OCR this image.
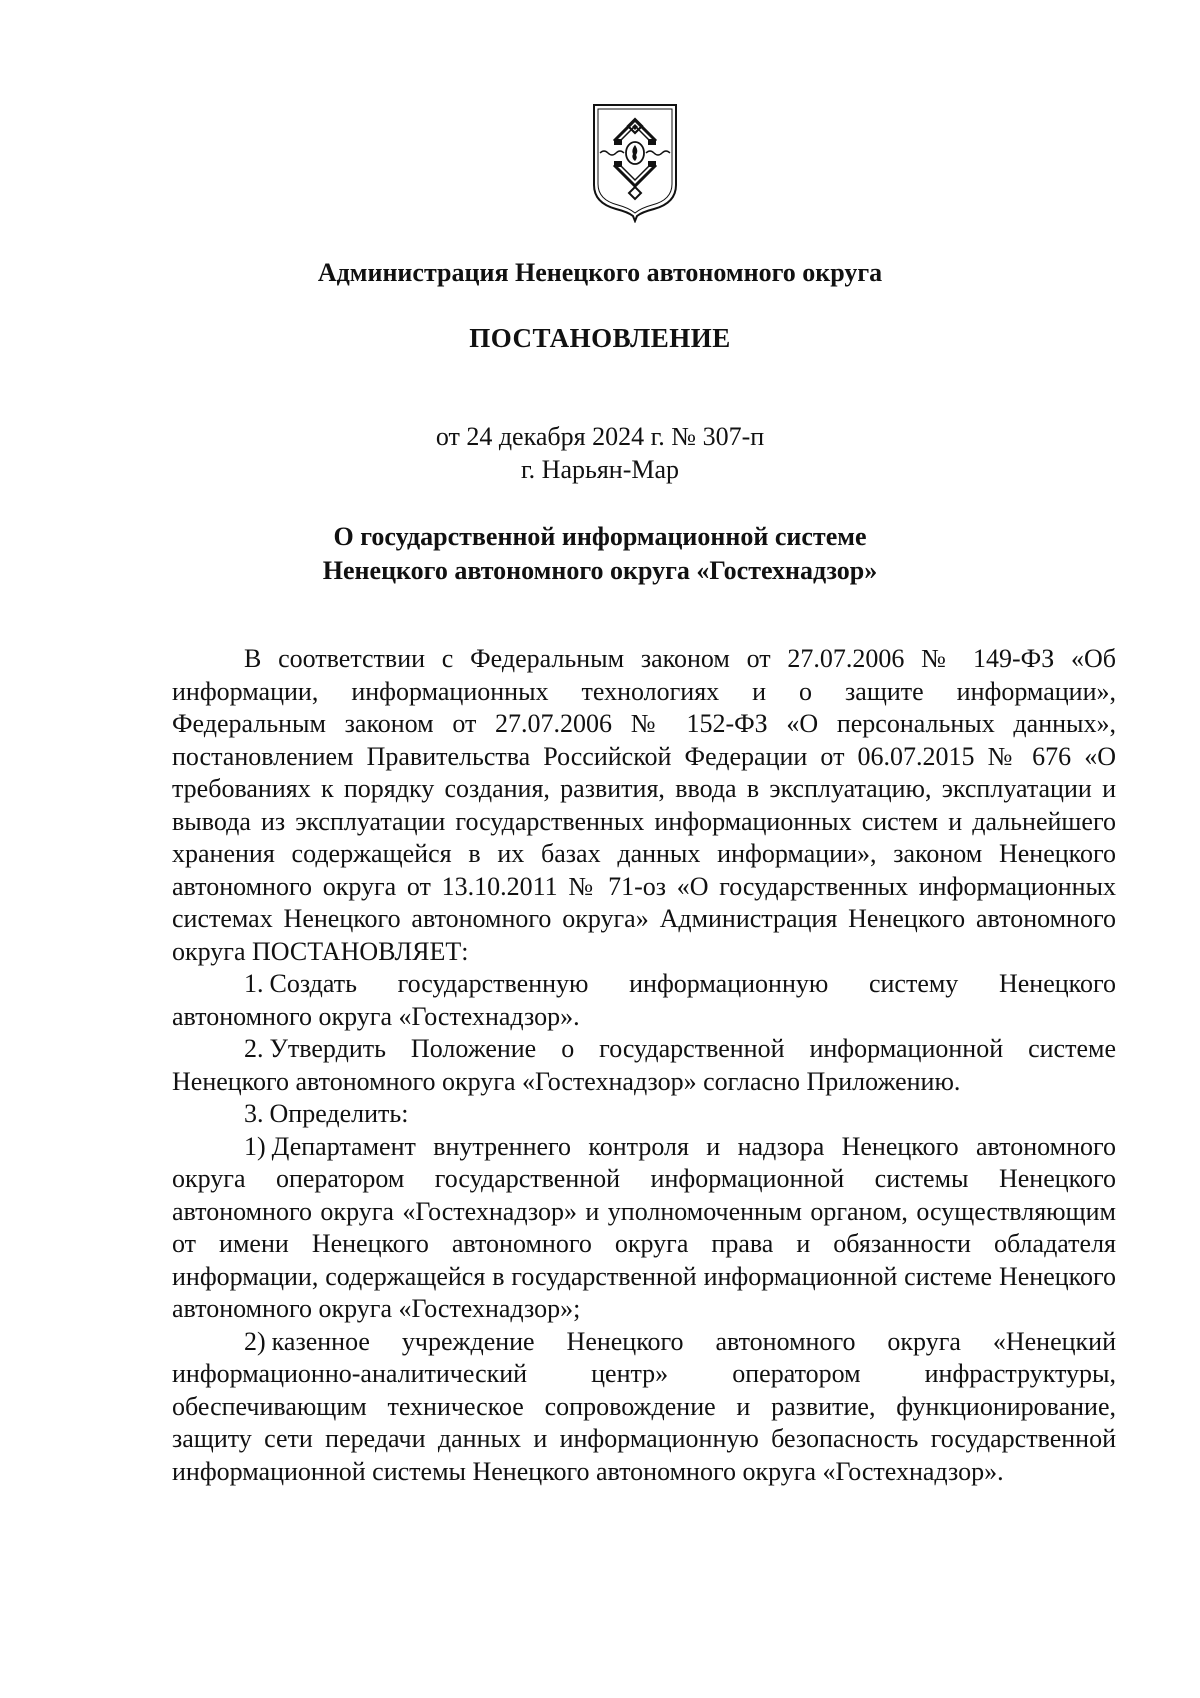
Администрация Ненецкого автономного округа
ПОСТАНОВЛЕНИЕ
от 24 декабря 2024 г. № 307-п
г. Нарьян-Мар
О государственной информационной системе
Ненецкого автономного округа «Гостехнадзор»

В соответствии с Федеральным законом от 27.07.2006 № 149-ФЗ «Об информации, информационных технологиях и о защите информации», Федеральным законом от 27.07.2006 № 152-ФЗ «О персональных данных», постановлением Правительства Российской Федерации от 06.07.2015 № 676 «О требованиях к порядку создания, развития, ввода в эксплуатацию, эксплуатации и вывода из эксплуатации государственных информационных систем и дальнейшего хранения содержащейся в их базах данных информации», законом Ненецкого автономного округа от 13.10.2011 № 71-оз «О государственных информационных системах Ненецкого автономного округа» Администрация Ненецкого автономного округа ПОСТАНОВЛЯЕТ:

1. Создать государственную информационную систему Ненецкого автономного округа «Гостехнадзор».

2. Утвердить Положение о государственной информационной системе Ненецкого автономного округа «Гостехнадзор» согласно Приложению.

3. Определить:

1) Департамент внутреннего контроля и надзора Ненецкого автономного округа оператором государственной информационной системы Ненецкого автономного округа «Гостехнадзор» и уполномоченным органом, осуществляющим от имени Ненецкого автономного округа права и обязанности обладателя информации, содержащейся в государственной информационной системе Ненецкого автономного округа «Гостехнадзор»;

2) казенное учреждение Ненецкого автономного округа «Ненецкий информационно-аналитический центр» оператором инфраструктуры, обеспечивающим техническое сопровождение и развитие, функционирование, защиту сети передачи данных и информационную безопасность государственной информационной системы Ненецкого автономного округа «Гостехнадзор».
